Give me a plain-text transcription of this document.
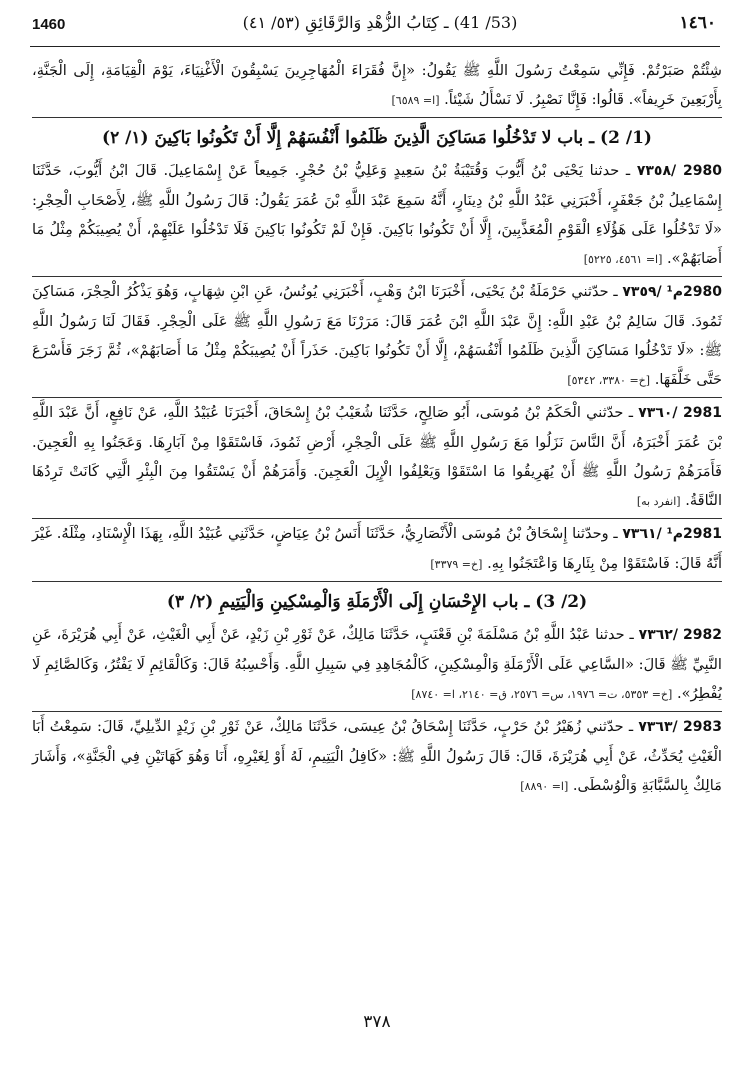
1460	(53/ 41) ـ كِتَابُ الزُّهْدِ وَالرَّقَائِقِ (٥٣/ ٤١)	١٤٦٠

شِئْتُمْ صَبَرْتُمْ. فَإِنِّي سَمِعْتُ رَسُولَ اللَّهِ ﷺ يَقُولُ: «إِنَّ فُقَرَاءَ الْمُهَاجِرِينَ يَسْبِقُونَ الْأَغْنِيَاءَ، يَوْمَ الْقِيَامَةِ، إِلَى الْجَنَّةِ، بِأَرْبَعِينَ خَرِيفاً». قَالُوا: فَإِنَّا نَصْبِرُ. لَا نَسْأَلُ شَيْئاً. [ا= ٦٥٨٩]

(1/ 2) ـ باب لا تَدْخُلُوا مَسَاكِنَ الَّذِينَ ظَلَمُوا أَنْفُسَهُمْ إِلَّا أَنْ تَكُونُوا بَاكِينَ (١/ ٢)

2980 /٧٣٥٨ ـ حدثنا يَحْيَى بْنُ أَيُّوبَ وَقُتَيْبَةُ بْنُ سَعِيدٍ وَعَلِيُّ بْنُ حُجْرٍ. جَمِيعاً عَنْ إِسْمَاعِيلَ. قَالَ ابْنُ أَيُّوبَ، حَدَّثَنَا إِسْمَاعِيلُ بْنُ جَعْفَرٍ، أَخْبَرَنِي عَبْدُ اللَّهِ بْنُ دِينَارٍ، أَنَّهُ سَمِعَ عَبْدَ اللَّهِ بْنَ عُمَرَ يَقُولُ: قَالَ رَسُولُ اللَّهِ ﷺ، لِأَصْحَابِ الْحِجْرِ: «لَا تَدْخُلُوا عَلَى هَؤُلَاءِ الْقَوْمِ الْمُعَذَّبِينَ، إِلَّا أَنْ تَكُونُوا بَاكِينَ. فَإِنْ لَمْ تَكُونُوا بَاكِينَ فَلَا تَدْخُلُوا عَلَيْهِمْ، أَنْ يُصِيبَكُمْ مِثْلُ مَا أَصَابَهُمْ». [ا= ٤٥٦١، ٥٢٢٥]

2980م¹ /٧٣٥٩ ـ حدّثني حَرْمَلَةُ بْنُ يَحْيَى، أَخْبَرَنَا ابْنُ وَهْبٍ، أَخْبَرَنِي يُونُسُ، عَنِ ابْنِ شِهَابٍ، وَهُوَ يَذْكُرُ الْحِجْرَ، مَسَاكِنَ ثَمُودَ. قَالَ سَالِمُ بْنُ عَبْدِ اللَّهِ: إِنَّ عَبْدَ اللَّهِ ابْنَ عُمَرَ قَالَ: مَرَرْنَا مَعَ رَسُولِ اللَّهِ ﷺ عَلَى الْحِجْرِ. فَقَالَ لَنَا رَسُولُ اللَّهِ ﷺ: «لَا تَدْخُلُوا مَسَاكِنَ الَّذِينَ ظَلَمُوا أَنْفُسَهُمْ، إِلَّا أَنْ تَكُونُوا بَاكِينَ. حَذَراً أَنْ يُصِيبَكُمْ مِثْلُ مَا أَصَابَهُمْ»، ثُمَّ زَجَرَ فَأَسْرَعَ حَتَّى خَلَّفَهَا. [خ= ٣٣٨٠، ٥٣٤٢]

2981 /٧٣٦٠ ـ حدّثني الْحَكَمُ بْنُ مُوسَى، أَبُو صَالِحٍ، حَدَّثَنَا شُعَيْبُ بْنُ إِسْحَاقَ، أَخْبَرَنَا عُبَيْدُ اللَّهِ، عَنْ نَافِعٍ، أَنَّ عَبْدَ اللَّهِ بْنَ عُمَرَ أَخْبَرَهُ، أَنَّ النَّاسَ نَزَلُوا مَعَ رَسُولِ اللَّهِ ﷺ عَلَى الْحِجْرِ، أَرْضِ ثَمُودَ، فَاسْتَقَوْا مِنْ آبَارِهَا. وَعَجَنُوا بِهِ الْعَجِينَ. فَأَمَرَهُمْ رَسُولُ اللَّهِ ﷺ أَنْ يُهَرِيقُوا مَا اسْتَقَوْا وَيَعْلِفُوا الْإِبِلَ الْعَجِينَ. وَأَمَرَهُمْ أَنْ يَسْتَقُوا مِنَ الْبِئْرِ الَّتِي كَانَتْ تَرِدُهَا النَّاقَةُ. [انفرد به]

2981م¹ /٧٣٦١ ـ وحدّثنا إِسْحَاقُ بْنُ مُوسَى الْأَنْصَارِيُّ، حَدَّثَنَا أَنَسُ بْنُ عِيَاضٍ، حَدَّثَنِي عُبَيْدُ اللَّهِ، بِهَذَا الْإِسْنَادِ، مِثْلَهُ. غَيْرَ أَنَّهُ قَالَ: فَاسْتَقَوْا مِنْ بِئَارِهَا وَاعْتَجَنُوا بِهِ. [خ= ٣٣٧٩]

(2/ 3) ـ باب الإِحْسَانِ إِلَى الْأَرْمَلَةِ وَالْمِسْكِينِ وَالْيَتِيمِ (٢/ ٣)

2982 /٧٣٦٢ ـ حدثنا عَبْدُ اللَّهِ بْنُ مَسْلَمَةَ بْنِ قَعْنَبٍ، حَدَّثَنَا مَالِكٌ، عَنْ ثَوْرِ بْنِ زَيْدٍ، عَنْ أَبِي الْغَيْثِ، عَنْ أَبِي هُرَيْرَةَ، عَنِ النَّبِيِّ ﷺ قَالَ: «السَّاعِي عَلَى الْأَرْمَلَةِ وَالْمِسْكِينِ، كَالْمُجَاهِدِ فِي سَبِيلِ اللَّهِ. وَأَحْسِبُهُ قَالَ: وَكَالْقَائِمِ لَا يَفْتُرُ، وَكَالصَّائِمِ لَا يُفْطِرُ». [خ= ٥٣٥٣، ت= ١٩٧٦، س= ٢٥٧٦، ق= ٢١٤٠، ا= ٨٧٤٠]

2983 /٧٣٦٣ ـ حدّثني زُهَيْرُ بْنُ حَرْبٍ، حَدَّثَنَا إِسْحَاقُ بْنُ عِيسَى، حَدَّثَنَا مَالِكٌ، عَنْ ثَوْرِ بْنِ زَيْدٍ الدِّيلِيِّ، قَالَ: سَمِعْتُ أَبَا الْغَيْثِ يُحَدِّثُ، عَنْ أَبِي هُرَيْرَةَ، قَالَ: قَالَ رَسُولُ اللَّهِ ﷺ: «كَافِلُ الْيَتِيمِ، لَهُ أَوْ لِغَيْرِهِ، أَنَا وَهُوَ كَهَاتَيْنِ فِي الْجَنَّةِ»، وَأَشَارَ مَالِكٌ بِالسَّبَّابَةِ وَالْوُسْطَى. [ا= ٨٨٩٠]

٣٧٨
